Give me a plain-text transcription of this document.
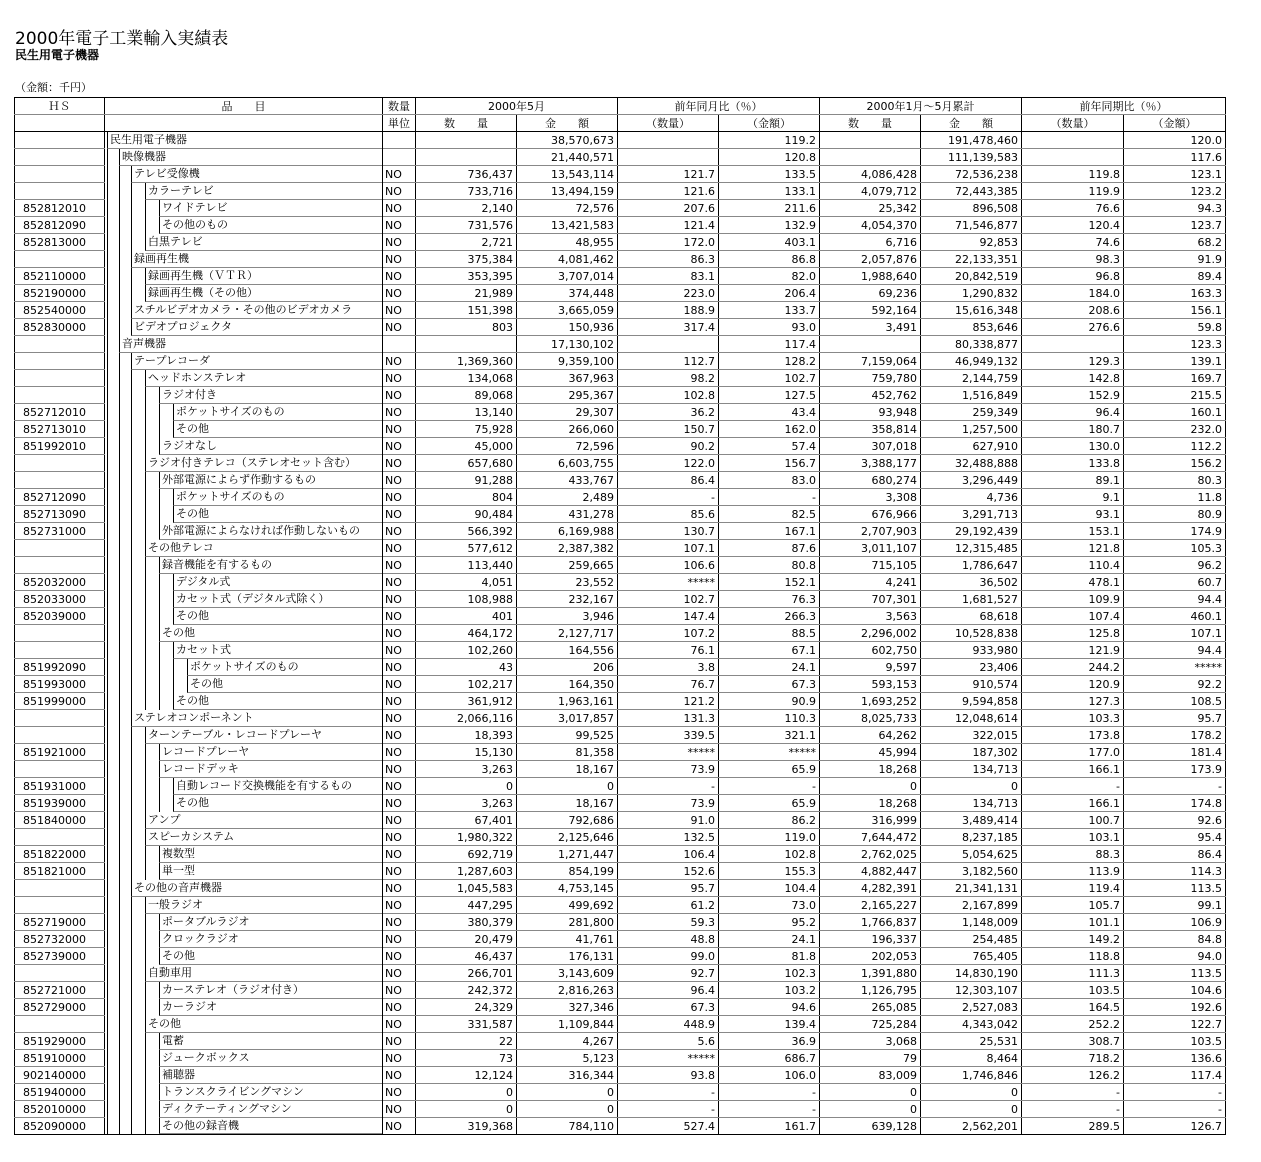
2000年電子工業輸入実績表
民生用電子機器
（金額：千円）
ＨＳ	品　　目	数量	2000年5月		前年同月比（％）		2000年1月～5月累計		前年同期比（％）	
		単位	数　　量	金　　額	（数量）	（金額）	数　　量	金　　額	（数量）	（金額）

	民生用電子機器			38,570,673		119.2		191,478,460		120.0

	映像機器			21,440,571		120.8		111,139,583		117.6

	テレビ受像機	NO	736,437	13,543,114	121.7	133.5	4,086,428	72,536,238	119.8	123.1

	カラーテレビ	NO	733,716	13,494,159	121.6	133.1	4,079,712	72,443,385	119.9	123.2
852812010	ワイドテレビ	NO	2,140	72,576	207.6	211.6	25,342	896,508	76.6	94.3
852812090	その他のもの	NO	731,576	13,421,583	121.4	132.9	4,054,370	71,546,877	120.4	123.7
852813000	白黒テレビ	NO	2,721	48,955	172.0	403.1	6,716	92,853	74.6	68.2

	録画再生機	NO	375,384	4,081,462	86.3	86.8	2,057,876	22,133,351	98.3	91.9
852110000	録画再生機（ＶＴＲ）	NO	353,395	3,707,014	83.1	82.0	1,988,640	20,842,519	96.8	89.4
852190000	録画再生機（その他）	NO	21,989	374,448	223.0	206.4	69,236	1,290,832	184.0	163.3
852540000	スチルビデオカメラ・その他のビデオカメラ	NO	151,398	3,665,059	188.9	133.7	592,164	15,616,348	208.6	156.1
852830000	ビデオプロジェクタ	NO	803	150,936	317.4	93.0	3,491	853,646	276.6	59.8

	音声機器			17,130,102		117.4		80,338,877		123.3

	テープレコーダ	NO	1,369,360	9,359,100	112.7	128.2	7,159,064	46,949,132	129.3	139.1

	ヘッドホンステレオ	NO	134,068	367,963	98.2	102.7	759,780	2,144,759	142.8	169.7

	ラジオ付き	NO	89,068	295,367	102.8	127.5	452,762	1,516,849	152.9	215.5
852712010	ポケットサイズのもの	NO	13,140	29,307	36.2	43.4	93,948	259,349	96.4	160.1
852713010	その他	NO	75,928	266,060	150.7	162.0	358,814	1,257,500	180.7	232.0
851992010	ラジオなし	NO	45,000	72,596	90.2	57.4	307,018	627,910	130.0	112.2

	ラジオ付きテレコ（ステレオセット含む）	NO	657,680	6,603,755	122.0	156.7	3,388,177	32,488,888	133.8	156.2

	外部電源によらず作動するもの	NO	91,288	433,767	86.4	83.0	680,274	3,296,449	89.1	80.3
852712090	ポケットサイズのもの	NO	804	2,489	-	-	3,308	4,736	9.1	11.8
852713090	その他	NO	90,484	431,278	85.6	82.5	676,966	3,291,713	93.1	80.9
852731000	外部電源によらなければ作動しないもの	NO	566,392	6,169,988	130.7	167.1	2,707,903	29,192,439	153.1	174.9

	その他テレコ	NO	577,612	2,387,382	107.1	87.6	3,011,107	12,315,485	121.8	105.3

	録音機能を有するもの	NO	113,440	259,665	106.6	80.8	715,105	1,786,647	110.4	96.2
852032000	デジタル式	NO	4,051	23,552	*****	152.1	4,241	36,502	478.1	60.7
852033000	カセット式（デジタル式除く）	NO	108,988	232,167	102.7	76.3	707,301	1,681,527	109.9	94.4
852039000	その他	NO	401	3,946	147.4	266.3	3,563	68,618	107.4	460.1

	その他	NO	464,172	2,127,717	107.2	88.5	2,296,002	10,528,838	125.8	107.1

	カセット式	NO	102,260	164,556	76.1	67.1	602,750	933,980	121.9	94.4
851992090	ポケットサイズのもの	NO	43	206	3.8	24.1	9,597	23,406	244.2	*****
851993000	その他	NO	102,217	164,350	76.7	67.3	593,153	910,574	120.9	92.2
851999000	その他	NO	361,912	1,963,161	121.2	90.9	1,693,252	9,594,858	127.3	108.5

	ステレオコンポーネント	NO	2,066,116	3,017,857	131.3	110.3	8,025,733	12,048,614	103.3	95.7

	ターンテーブル・レコードプレーヤ	NO	18,393	99,525	339.5	321.1	64,262	322,015	173.8	178.2
851921000	レコードプレーヤ	NO	15,130	81,358	*****	*****	45,994	187,302	177.0	181.4

	レコードデッキ	NO	3,263	18,167	73.9	65.9	18,268	134,713	166.1	173.9
851931000	自動レコード交換機能を有するもの	NO	0	0	-	-	0	0	-	-
851939000	その他	NO	3,263	18,167	73.9	65.9	18,268	134,713	166.1	174.8
851840000	アンプ	NO	67,401	792,686	91.0	86.2	316,999	3,489,414	100.7	92.6

	スピーカシステム	NO	1,980,322	2,125,646	132.5	119.0	7,644,472	8,237,185	103.1	95.4
851822000	複数型	NO	692,719	1,271,447	106.4	102.8	2,762,025	5,054,625	88.3	86.4
851821000	単一型	NO	1,287,603	854,199	152.6	155.3	4,882,447	3,182,560	113.9	114.3

	その他の音声機器	NO	1,045,583	4,753,145	95.7	104.4	4,282,391	21,341,131	119.4	113.5

	一般ラジオ	NO	447,295	499,692	61.2	73.0	2,165,227	2,167,899	105.7	99.1
852719000	ポータブルラジオ	NO	380,379	281,800	59.3	95.2	1,766,837	1,148,009	101.1	106.9
852732000	クロックラジオ	NO	20,479	41,761	48.8	24.1	196,337	254,485	149.2	84.8
852739000	その他	NO	46,437	176,131	99.0	81.8	202,053	765,405	118.8	94.0

	自動車用	NO	266,701	3,143,609	92.7	102.3	1,391,880	14,830,190	111.3	113.5
852721000	カーステレオ（ラジオ付き）	NO	242,372	2,816,263	96.4	103.2	1,126,795	12,303,107	103.5	104.6
852729000	カーラジオ	NO	24,329	327,346	67.3	94.6	265,085	2,527,083	164.5	192.6

	その他	NO	331,587	1,109,844	448.9	139.4	725,284	4,343,042	252.2	122.7
851929000	電蓄	NO	22	4,267	5.6	36.9	3,068	25,531	308.7	103.5
851910000	ジュークボックス	NO	73	5,123	*****	686.7	79	8,464	718.2	136.6
902140000	補聴器	NO	12,124	316,344	93.8	106.0	83,009	1,746,846	126.2	117.4
851940000	トランスクライビングマシン	NO	0	0	-	-	0	0	-	-
852010000	ディクテーティングマシン	NO	0	0	-	-	0	0	-	-
852090000	その他の録音機	NO	319,368	784,110	527.4	161.7	639,128	2,562,201	289.5	126.7
